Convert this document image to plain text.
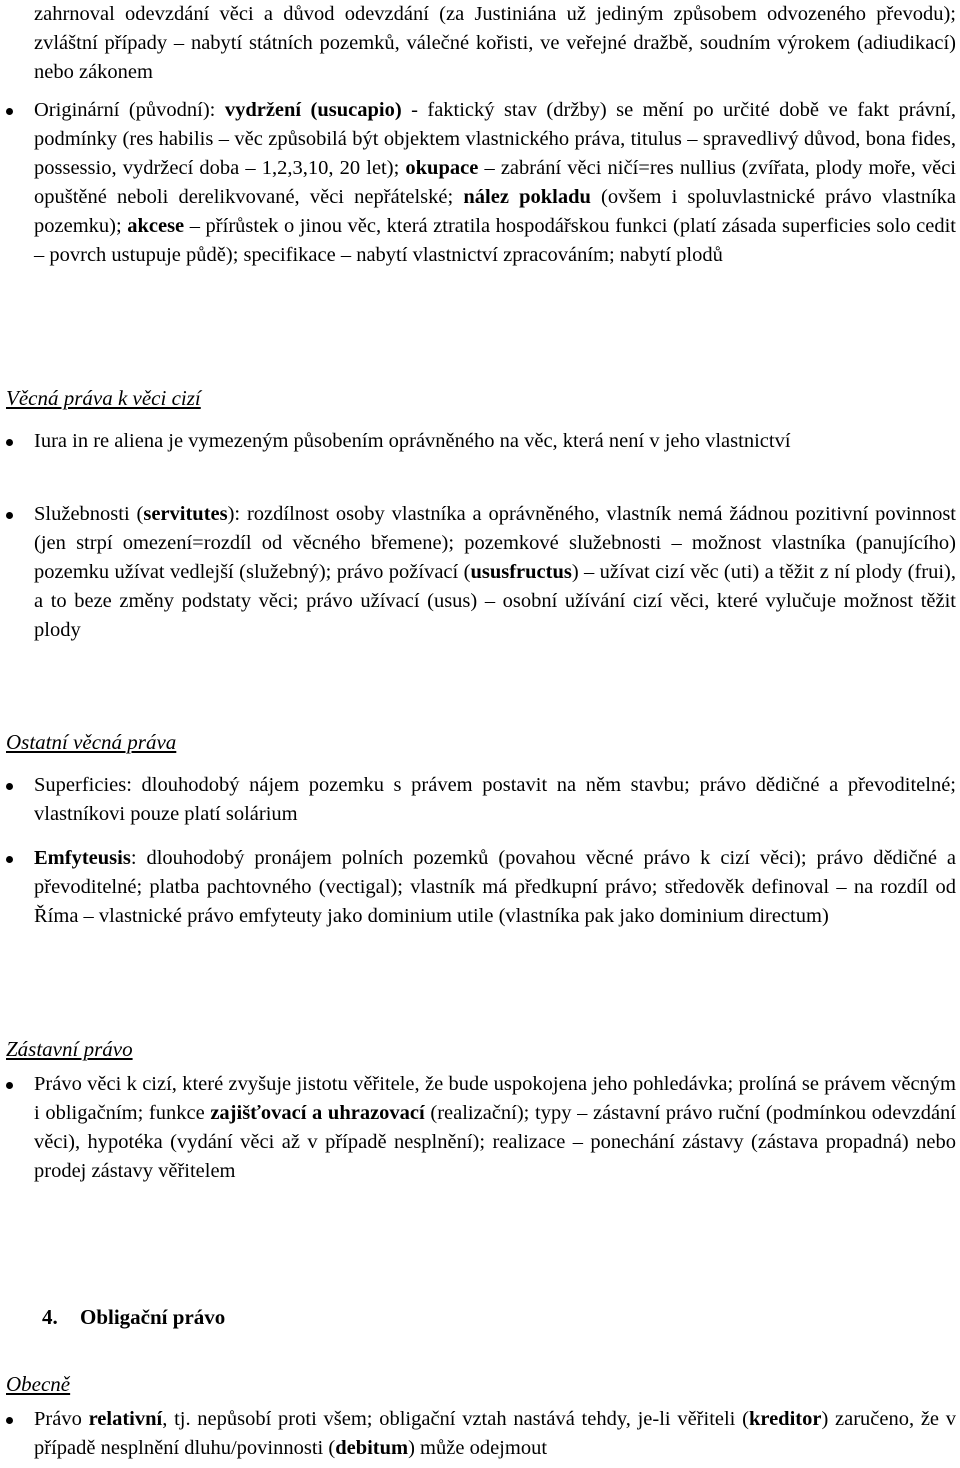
zahrnoval odevzdání věci a důvod odevzdání (za Justiniána už jediným způsobem odvozeného převodu); zvláštní případy – nabytí státních pozemků, válečné kořisti, ve veřejné dražbě, soudním výrokem (adiudikací) nebo zákonem

Originární (původní): vydržení (usucapio) - faktický stav (držby) se mění po určité době ve fakt právní, podmínky (res habilis – věc způsobilá být objektem vlastnického práva, titulus – spravedlivý důvod, bona fides, possessio, vydržecí doba – 1,2,3,10, 20 let); okupace – zabrání věci ničí=res nullius (zvířata, plody moře, věci opuštěné neboli derelikvované, věci nepřátelské; nález pokladu (ovšem i spoluvlastnické právo vlastníka pozemku); akcese – přírůstek o jinou věc, která ztratila hospodářskou funkci (platí zásada superficies solo cedit – povrch ustupuje půdě); specifikace – nabytí vlastnictví zpracováním; nabytí plodů

Věcná práva k věci cizí

Iura in re aliena je vymezeným působením oprávněného na věc, která není v jeho vlastnictví

Služebnosti (servitutes): rozdílnost osoby vlastníka a oprávněného, vlastník nemá žádnou pozitivní povinnost (jen strpí omezení=rozdíl od věcného břemene); pozemkové služebnosti – možnost vlastníka (panujícího) pozemku užívat vedlejší (služebný); právo požívací (ususfructus) – užívat cizí věc (uti) a těžit z ní plody (frui), a to beze změny podstaty věci; právo užívací (usus) – osobní užívání cizí věci, které vylučuje možnost těžit plody

Ostatní věcná práva

Superficies: dlouhodobý nájem pozemku s právem postavit na něm stavbu; právo dědičné a převoditelné; vlastníkovi pouze platí solárium

Emfyteusis: dlouhodobý pronájem polních pozemků (povahou věcné právo k cizí věci); právo dědičné a převoditelné; platba pachtovného (vectigal); vlastník má předkupní právo; středověk definoval – na rozdíl od Říma – vlastnické právo emfyteuty jako dominium utile (vlastníka pak jako dominium directum)

Zástavní právo

Právo věci k cizí, které zvyšuje jistotu věřitele, že bude uspokojena jeho pohledávka; prolíná se právem věcným i obligačním; funkce zajišťovací a uhrazovací (realizační); typy – zástavní právo ruční (podmínkou odevzdání věci), hypotéka (vydání věci až v případě nesplnění); realizace – ponechání zástavy (zástava propadná) nebo prodej zástavy věřitelem

4. Obligační právo
Obecně

Právo relativní, tj. nepůsobí proti všem; obligační vztah nastává tehdy, je-li věřiteli (kreditor) zaručeno, že v případě nesplnění dluhu/povinnosti (debitum) může odejmout
